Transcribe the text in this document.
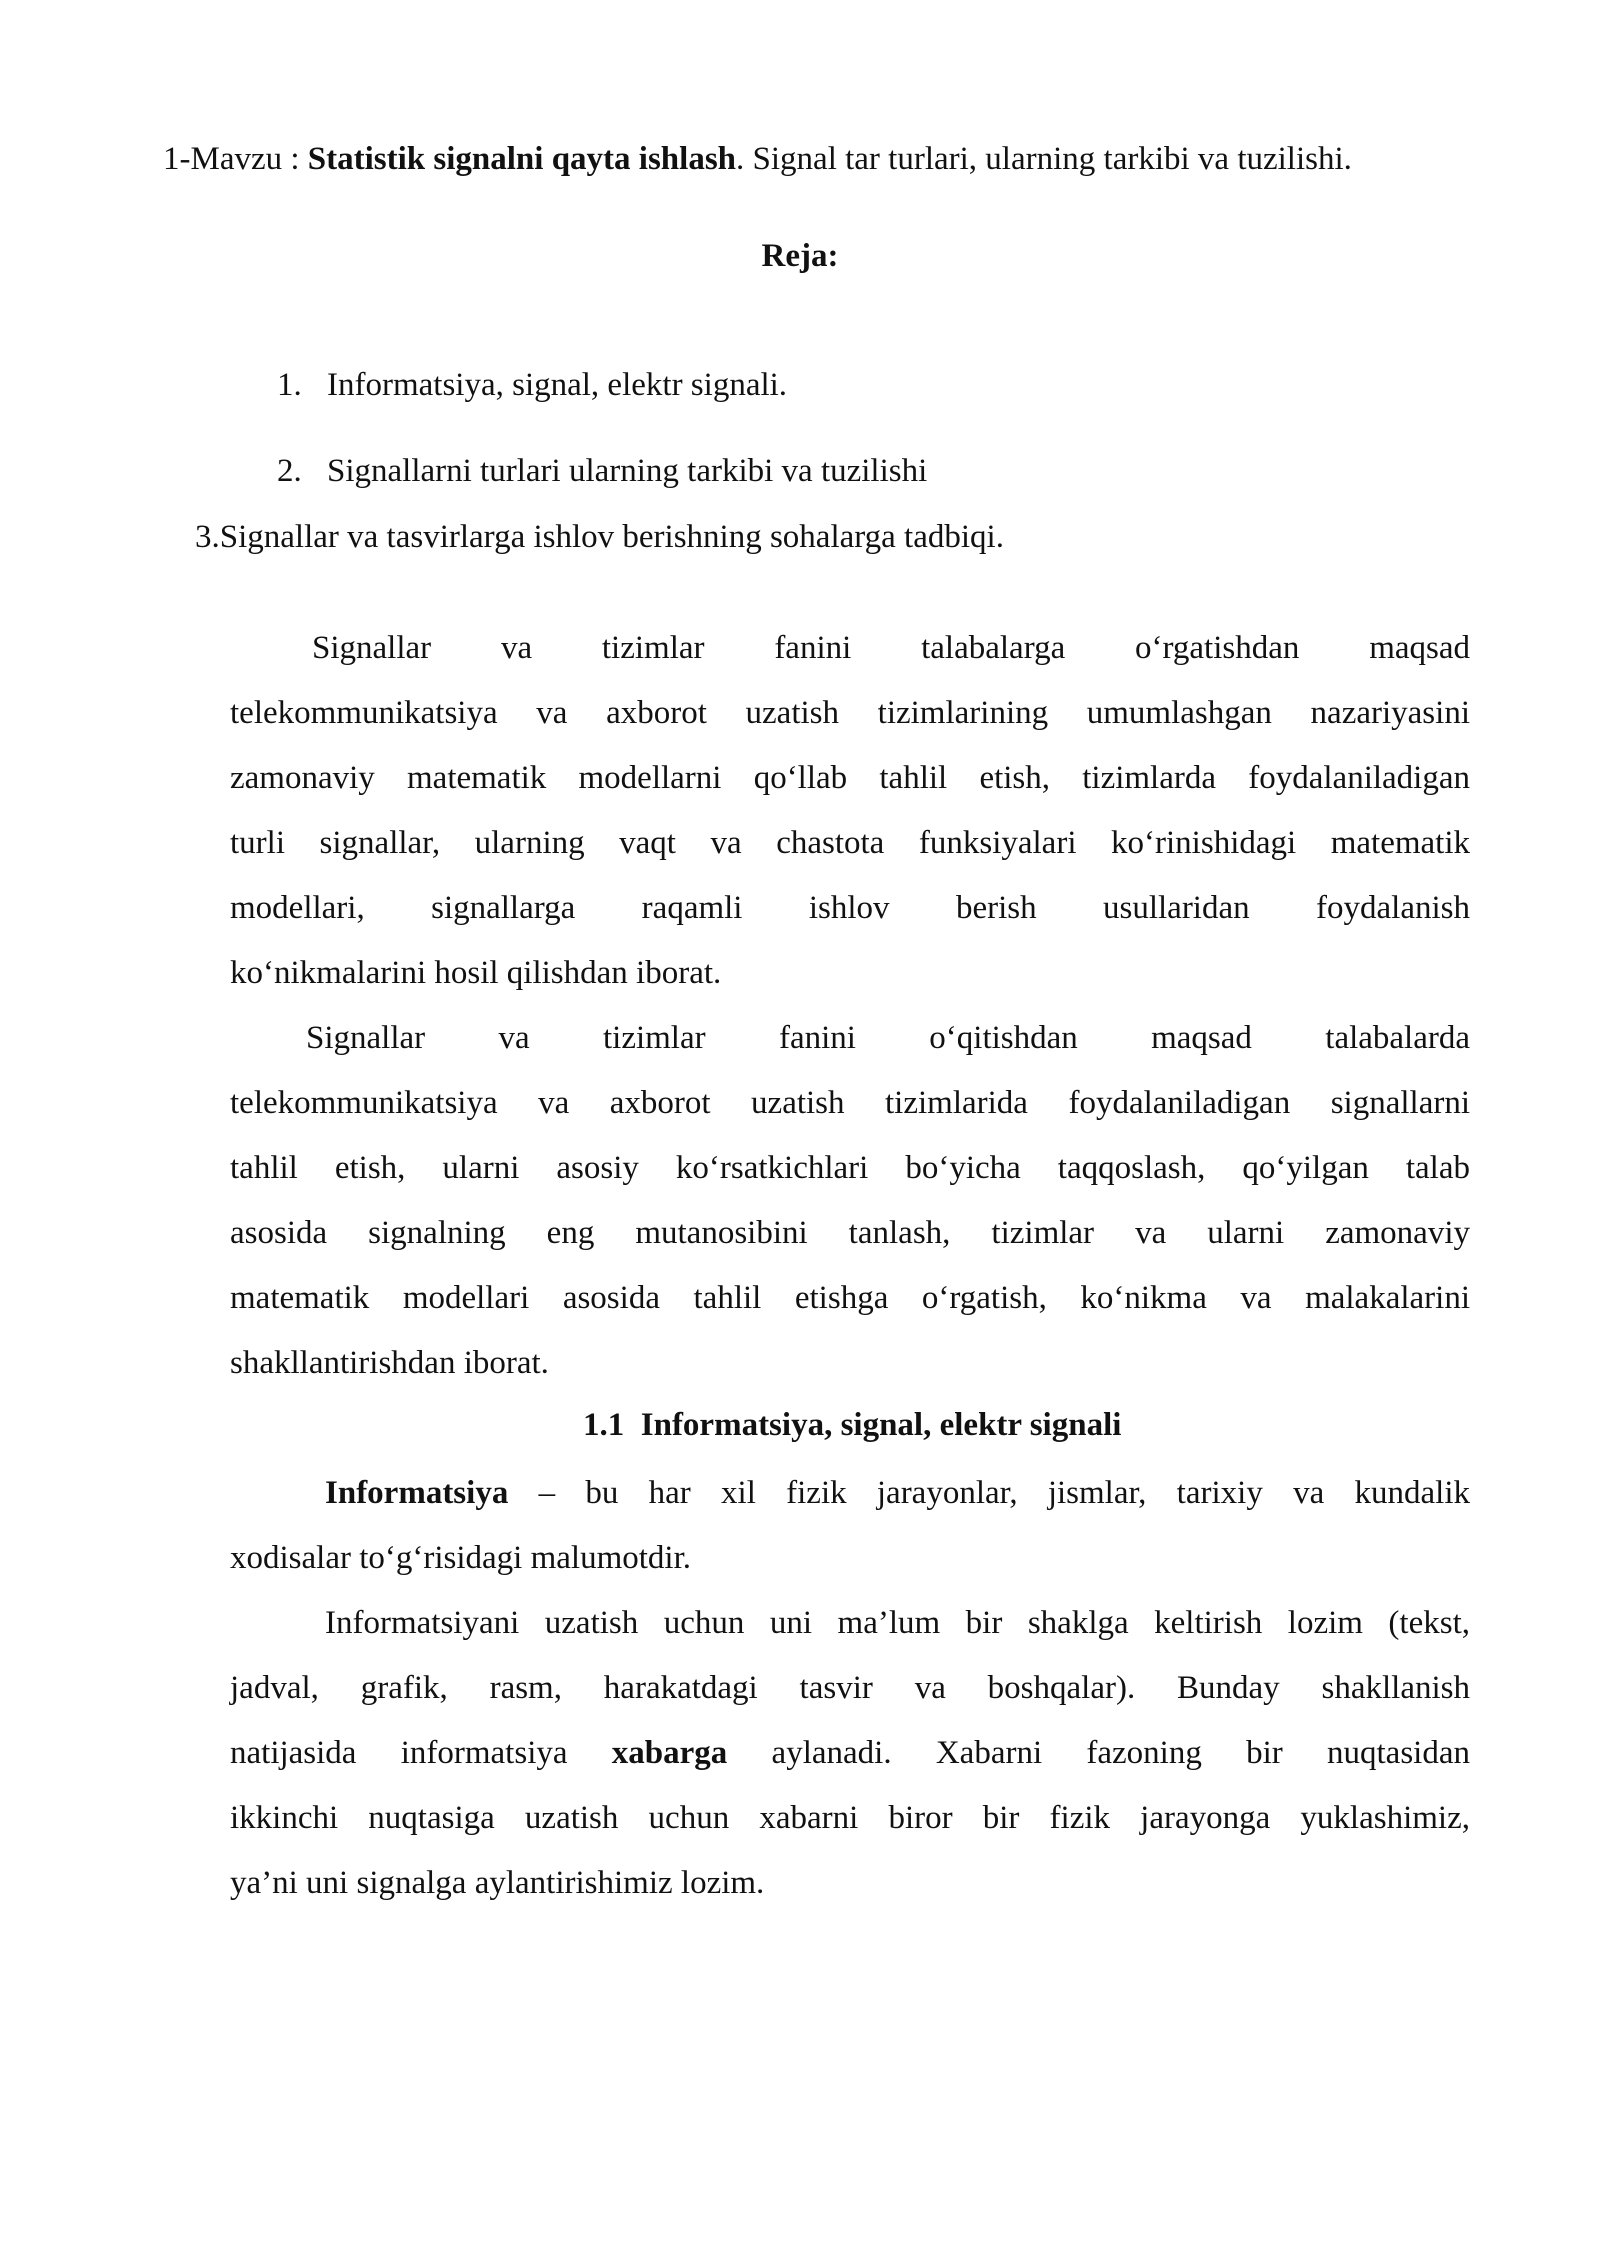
1-Mavzu : Statistik signalni qayta ishlash. Signal tar turlari, ularning tarkibi va tuzilishi.
Reja:
1. Informatsiya, signal, elektr signali.
2. Signallarni turlari ularning tarkibi va tuzilishi
3.Signallar va tasvirlarga ishlov berishning sohalarga tadbiqi.
Signallar va tizimlar fanini talabalarga o‘rgatishdan maqsad
telekommunikatsiya va axborot uzatish tizimlarining umumlashgan nazariyasini
zamonaviy matematik modellarni qo‘llab tahlil etish, tizimlarda foydalaniladigan
turli signallar, ularning vaqt va chastota funksiyalari ko‘rinishidagi matematik
modellari, signallarga raqamli ishlov berish usullaridan foydalanish
ko‘nikmalarini hosil qilishdan iborat.
Signallar va tizimlar fanini o‘qitishdan maqsad talabalarda
telekommunikatsiya va axborot uzatish tizimlarida foydalaniladigan signallarni
tahlil etish, ularni asosiy ko‘rsatkichlari bo‘yicha taqqoslash, qo‘yilgan talab
asosida signalning eng mutanosibini tanlash, tizimlar va ularni zamonaviy
matematik modellari asosida tahlil etishga o‘rgatish, ko‘nikma va malakalarini
shakllantirishdan iborat.
1.1 Informatsiya, signal, elektr signali
Informatsiya – bu har xil fizik jarayonlar, jismlar, tarixiy va kundalik
xodisalar to‘g‘risidagi malumotdir.
Informatsiyani uzatish uchun uni ma’lum bir shaklga keltirish lozim (tekst,
jadval, grafik, rasm, harakatdagi tasvir va boshqalar). Bunday shakllanish
natijasida informatsiya xabarga aylanadi. Xabarni fazoning bir nuqtasidan
ikkinchi nuqtasiga uzatish uchun xabarni biror bir fizik jarayonga yuklashimiz,
ya’ni uni signalga aylantirishimiz lozim.
